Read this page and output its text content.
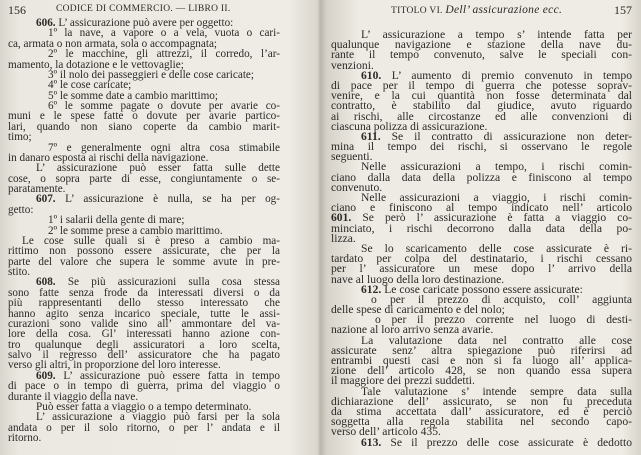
156	CODICE DI COMMERCIO. — LIBRO II.
606. L’ assicurazione può avere per oggetto:
1º la nave, a vapore o a vela, vuota o cari-
ca, armata o non armata, sola o accompagnata;
2º le macchine, gli attrezzi, il corredo, l’ar-
mamento, la dotazione e le vettovaglie;
3º il nolo dei passeggieri e delle cose caricate;
4º le cose caricate;
5º le somme date a cambio marittimo;
6º le somme pagate o dovute per avarie co-
muni e le spese fatte o dovute per avarie partico-
lari, quando non siano coperte da cambio marit-
timo;
7º e generalmente ogni altra cosa stimabile
in danaro esposta ai rischi della navigazione.
L’ assicurazione può esser fatta sulle dette
cose, o sopra parte di esse, congiuntamente o se-
paratamente.
607. L’ assicurazione è nulla, se ha per og-
getto:
1º i salarii della gente di mare;
2º le somme prese a cambio marittimo.
Le cose sulle quali si è preso a cambio ma-
rittimo non possono essere assicurate, che per la
parte del valore che supera le somme avute in pre-
stito.
608. Se più assicurazioni sulla cosa stessa
sono fatte senza frode da interessati diversi o da
più rappresentanti dello stesso interessato che
hanno agito senza incarico speciale, tutte le assi-
curazioni sono valide sino all’ ammontare del va-
lore della cosa. Gl’ interessati hanno azione con-
tro qualunque degli assicuratori a loro scelta,
salvo il regresso dell’ assicuratore che ha pagato
verso gli altri, in proporzione del loro interesse.
609. L’ assicurazione può essere fatta in tempo
di pace o in tempo di guerra, prima del viaggio o
durante il viaggio della nave.
Può esser fatta a viaggio o a tempo determinato.
L’ assicurazione a viaggio può farsi per la sola
andata o per il solo ritorno, o per l’ andata e il
ritorno.
TITOLO VI. Dell’ assicurazione ecc.	157
L’ assicurazione a tempo s’ intende fatta per
qualunque navigazione e stazione della nave du-
rante il tempo convenuto, salve le speciali con-
venzioni.
610. L’ aumento di premio convenuto in tempo
di pace per il tempo di guerra che potesse soprav-
venire, e la cui quantità non fosse determinata dal
contratto, è stabilito dal giudice, avuto riguardo
ai rischi, alle circostanze ed alle convenzioni di
ciascuna polizza di assicurazione.
611. Se il contratto di assicurazione non deter-
mina il tempo dei rischi, si osservano le regole
seguenti.
Nelle assicurazioni a tempo, i rischi comin-
ciano dalla data della polizza e finiscono al tempo
convenuto.
Nelle assicurazioni a viaggio, i rischi comin-
ciano e finiscono al tempo indicato nell’ articolo
601. Se però l’ assicurazione è fatta a viaggio co-
minciato, i rischi decorrono dalla data della po-
lizza.
Se lo scaricamento delle cose assicurate è ri-
tardato per colpa del destinatario, i rischi cessano
per l’ assicuratore un mese dopo l’ arrivo della
nave al luogo della loro destinazione.
612. Le cose caricate possono essere assicurate:
o per il prezzo di acquisto, coll’ aggiunta
delle spese di caricamento e del nolo;
o per il prezzo corrente nel luogo di desti-
nazione al loro arrivo senza avarie.
La valutazione data nel contratto alle cose
assicurate senz’ altra spiegazione può riferirsi ad
entrambi questi casi e non si fa luogo all’ applica-
zione dell’ articolo 428, se non quando essa supera
il maggiore dei prezzi suddetti.
Tale valutazione s’ intende sempre data sulla
dichiarazione dell’ assicurato, se non fu preceduta
da stima accettata dall’ assicuratore, ed è perciò
soggetta alla regola stabilita nel secondo capo-
verso dell’ articolo 435.
613. Se il prezzo delle cose assicurate è dedotto
